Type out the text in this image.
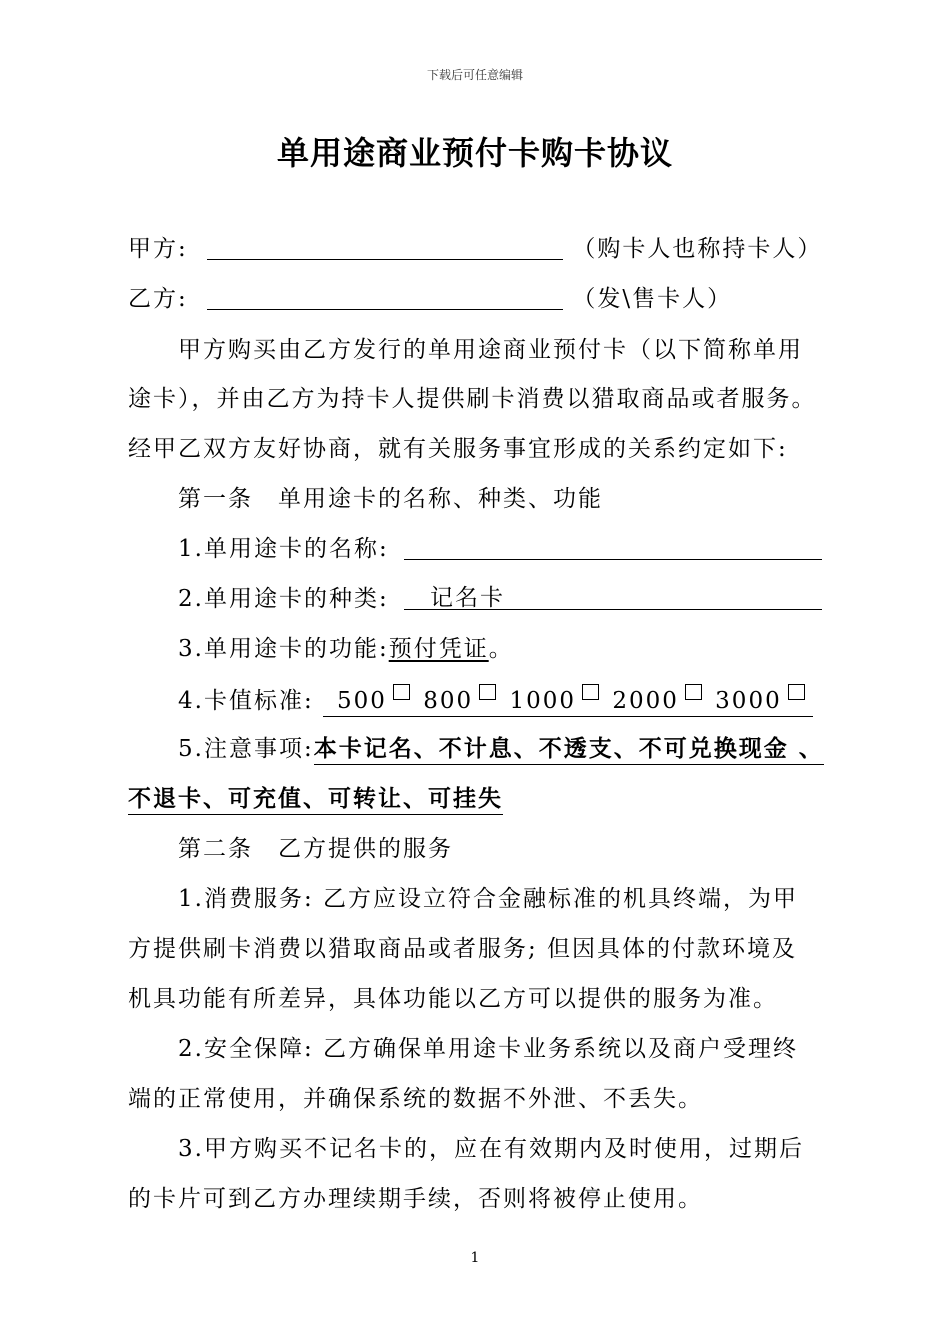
下载后可任意编辑
单用途商业预付卡购卡协议
甲方:	（购卡人也称持卡人）
乙方:	（发\售卡人）
甲方购买由乙方发行的单用途商业预付卡（以下简称单用
途卡），并由乙方为持卡人提供刷卡消费以猎取商品或者服务。
经甲乙双方友好协商，就有关服务事宜形成的关系约定如下:
第一条　单用途卡的名称、种类、功能
1.单用途卡的名称:
2.单用途卡的种类: 记名卡
3.单用途卡的功能:预付凭证。
4.卡值标准: 500 800 1000 2000 3000
5.注意事项:本卡记名、不计息、不透支、不可兑换现金 、
不退卡、可充值、可转让、可挂失
第二条　乙方提供的服务
1.消费服务: 乙方应设立符合金融标准的机具终端，为甲
方提供刷卡消费以猎取商品或者服务; 但因具体的付款环境及
机具功能有所差异，具体功能以乙方可以提供的服务为准。
2.安全保障: 乙方确保单用途卡业务系统以及商户受理终
端的正常使用，并确保系统的数据不外泄、不丢失。
3.甲方购买不记名卡的，应在有效期内及时使用，过期后
的卡片可到乙方办理续期手续，否则将被停止使用。
1
